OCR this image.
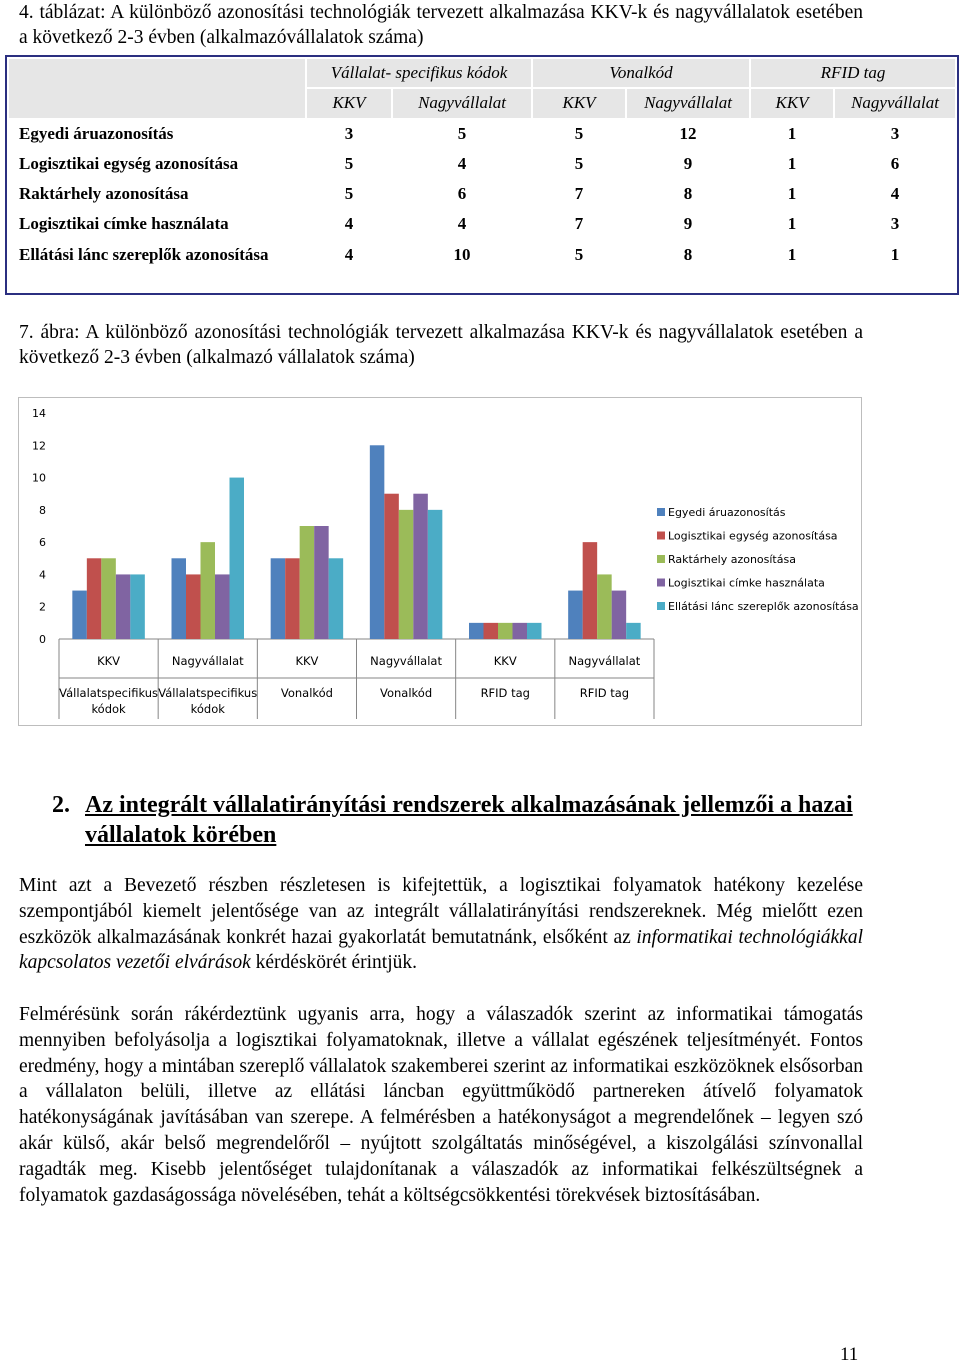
4. táblázat: A különböző azonosítási technológiák tervezett alkalmazása KKV-k és nagyvállalatok esetében a következő 2-3 évben (alkalmazóvállalatok száma)
	Vállalat- specifikus kódok		Vonalkód		RFID tag	
	KKV	Nagyvállalat	KKV	Nagyvállalat	KKV	Nagyvállalat
Egyedi áruazonosítás	3	5	5	12	1	3
Logisztikai egység azonosítása	5	4	5	9	1	6
Raktárhely azonosítása	5	6	7	8	1	4
Logisztikai címke használata	4	4	7	9	1	3
Ellátási lánc szereplők azonosítása	4	10	5	8	1	1
7. ábra: A különböző azonosítási technológiák tervezett alkalmazása KKV-k és nagyvállalatok esetében a következő 2-3 évben (alkalmazó vállalatok száma)
0
2
4
6
8
10
12
14
KKV
Vállalatspecifikus
kódok
Nagyvállalat
Vállalatspecifikus
kódok
KKV
Vonalkód
Nagyvállalat
Vonalkód
KKV
RFID tag
Nagyvállalat
RFID tag
Egyedi áruazonosítás
Logisztikai egység azonosítása
Raktárhely azonosítása
Logisztikai címke használata
Ellátási lánc szereplők azonosítása
2. Az integrált vállalatirányítási rendszerek alkalmazásának jellemzői a hazai vállalatok körében
Mint azt a Bevezető részben részletesen is kifejtettük, a logisztikai folyamatok hatékony kezelése szempontjából kiemelt jelentősége van az integrált vállalatirányítási rendszereknek. Még mielőtt ezen eszközök alkalmazásának konkrét hazai gyakorlatát bemutatnánk, elsőként az informatikai technológiákkal kapcsolatos vezetői elvárások kérdéskörét érintjük.
Felmérésünk során rákérdeztünk ugyanis arra, hogy a válaszadók szerint az informatikai támogatás mennyiben befolyásolja a logisztikai folyamatoknak, illetve a vállalat egészének teljesítményét. Fontos eredmény, hogy a mintában szereplő vállalatok szakemberei szerint az informatikai eszközöknek elsősorban a vállalaton belüli, illetve az ellátási láncban együttműködő partnereken átívelő folyamatok hatékonyságának javításában van szerepe. A felmérésben a hatékonyságot a megrendelőnek – legyen szó akár külső, akár belső megrendelőről – nyújtott szolgáltatás minőségével, a kiszolgálási színvonallal ragadták meg. Kisebb jelentőséget tulajdonítanak a válaszadók az informatikai felkészültségnek a folyamatok gazdaságossága növelésében, tehát a költségcsökkentési törekvések biztosításában.
11
